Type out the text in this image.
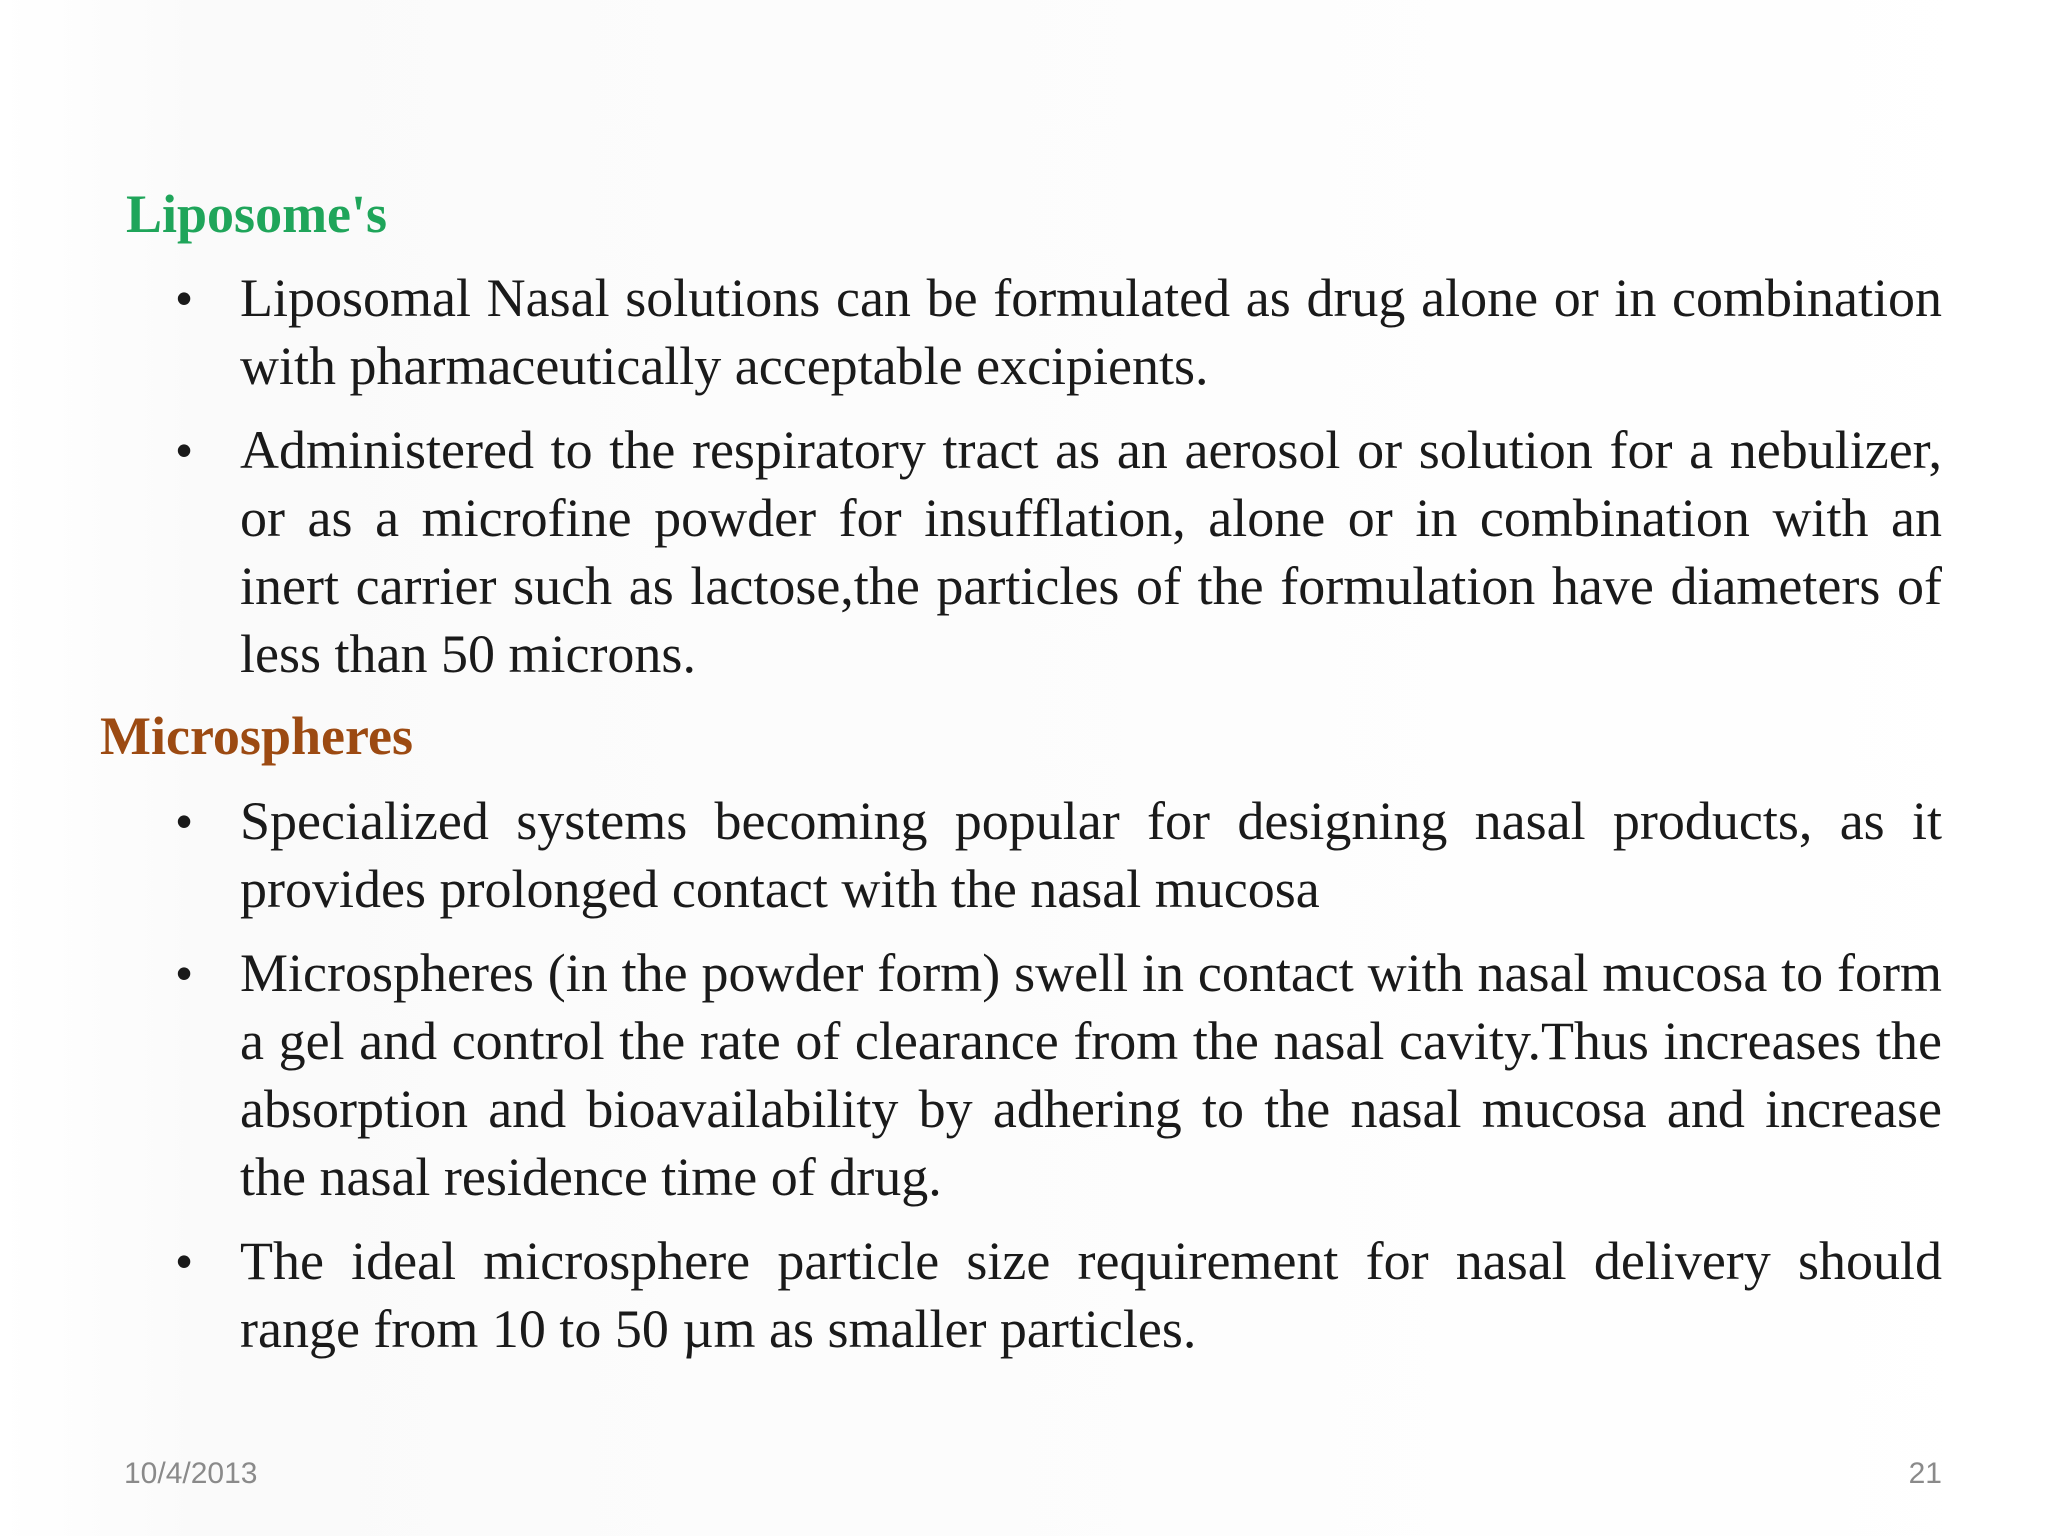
Liposome's
• Liposomal Nasal solutions can be formulated as drug alone or in combination with pharmaceutically acceptable excipients.
• Administered to the respiratory tract as an aerosol or solution for a nebulizer, or as a microfine powder for insufflation, alone or in combination with an inert carrier such as lactose,the particles of the formulation have diameters of less than 50 microns.
Microspheres
• Specialized systems becoming popular for designing nasal products, as it provides prolonged contact with the nasal mucosa
• Microspheres (in the powder form) swell in contact with nasal mucosa to form a gel and control the rate of clearance from the nasal cavity.Thus increases the absorption and bioavailability by adhering to the nasal mucosa and increase the nasal residence time of drug.
• The ideal microsphere particle size requirement for nasal delivery should range from 10 to 50 µm as smaller particles.
10/4/2013	21
